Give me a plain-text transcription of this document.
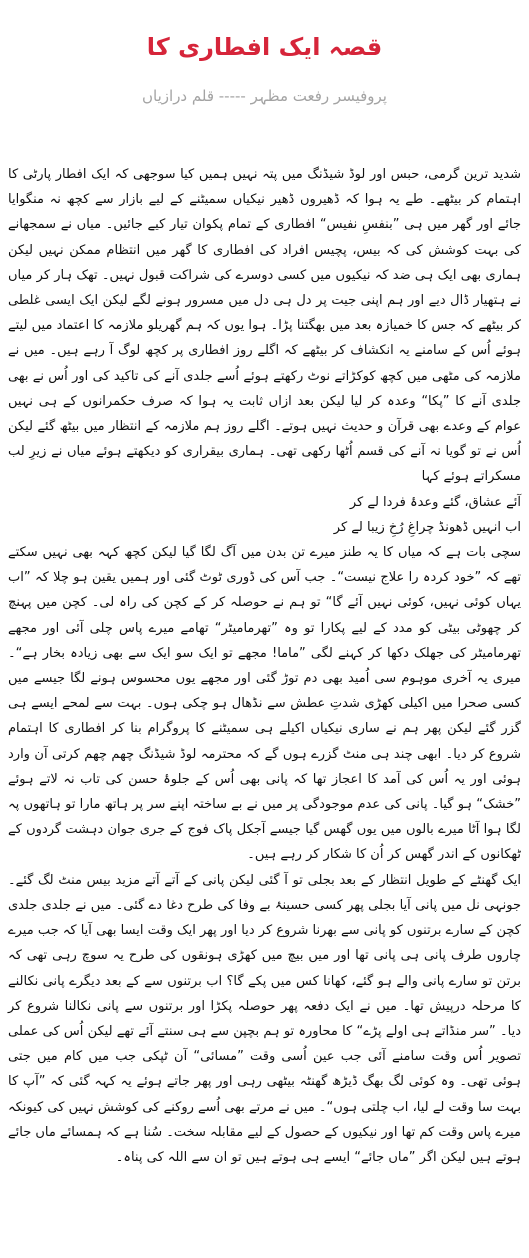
قصہ ایک افطاری کا
پروفیسر رفعت مظہر ----- قلم درازیاں

شدید ترین گرمی، حبس اور لوڈ شیڈنگ میں پتہ نہیں ہمیں کیا سوجھی کہ ایک افطار پارٹی کا اہتمام کر بیٹھے۔ طے یہ ہوا کہ ڈھیروں ڈھیر نیکیاں سمیٹنے کے لیے بازار سے کچھ نہ منگوایا جائے اور گھر میں ہی ”بنفسِ نفیس“ افطاری کے تمام پکوان تیار کیے جائیں۔ میاں نے سمجھانے کی بہت کوشش کی کہ بیس، پچیس افراد کی افطاری کا گھر میں انتظام ممکن نہیں لیکن ہماری بھی ایک ہی ضد کہ نیکیوں میں کسی دوسرے کی شراکت قبول نہیں۔ تھک ہار کر میاں نے ہتھیار ڈال دیے اور ہم اپنی جیت پر دل ہی دل میں مسرور ہونے لگے لیکن ایک ایسی غلطی کر بیٹھے کہ جس کا خمیازہ بعد میں بھگتنا پڑا۔ ہوا یوں کہ ہم گھریلو ملازمہ کا اعتماد میں لیتے ہوئے اُس کے سامنے یہ انکشاف کر بیٹھے کہ اگلے روز افطاری پر کچھ لوگ آ رہے ہیں۔ میں نے ملازمہ کی مٹھی میں کچھ کوکڑاتے نوٹ رکھتے ہوئے اُسے جلدی آنے کی تاکید کی اور اُس نے بھی جلدی آنے کا ”پکا“ وعدہ کر لیا لیکن بعد ازاں ثابت یہ ہوا کہ صرف حکمرانوں کے ہی نہیں عوام کے وعدے بھی قرآن و حدیث نہیں ہوتے۔ اگلے روز ہم ملازمہ کے انتظار میں بیٹھ گئے لیکن اُس نے تو گویا نہ آنے کی قسم اُٹھا رکھی تھی۔ ہماری بیقراری کو دیکھتے ہوئے میاں نے زیرِ لب مسکراتے ہوئے کہا

آئے عشاق، گئے وعدۂ فردا لے کر

اب انہیں ڈھونڈ چراغِ رُخِ زیبا لے کر

سچی بات ہے کہ میاں کا یہ طنز میرے تن بدن میں آگ لگا گیا لیکن کچھ کہہ بھی نہیں سکتے تھے کہ ”خود کردہ را علاج نیست“۔ جب آس کی ڈوری ٹوٹ گئی اور ہمیں یقین ہو چلا کہ ”اب یہاں کوئی نہیں، کوئی نہیں آئے گا“ تو ہم نے حوصلہ کر کے کچن کی راہ لی۔ کچن میں پہنچ کر چھوٹی بیٹی کو مدد کے لیے پکارا تو وہ ”تھرمامیٹر“ تھامے میرے پاس چلی آئی اور مجھے تھرمامیٹر کی جھلک دکھا کر کہنے لگی ”ماما! مجھے تو ایک سو ایک سے بھی زیادہ بخار ہے“۔ میری یہ آخری موہوم سی اُمید بھی دم توڑ گئی اور مجھے یوں محسوس ہونے لگا جیسے میں کسی صحرا میں اکیلی کھڑی شدتِ عطش سے نڈھال ہو چکی ہوں۔ بہت سے لمحے ایسے ہی گزر گئے لیکن پھر ہم نے ساری نیکیاں اکیلے ہی سمیٹنے کا پروگرام بنا کر افطاری کا اہتمام شروع کر دیا۔ ابھی چند ہی منٹ گزرے ہوں گے کہ محترمہ لوڈ شیڈنگ چھم چھم کرتی آن وارد ہوئی اور یہ اُس کی آمد کا اعجاز تھا کہ پانی بھی اُس کے جلوۂ حسن کی تاب نہ لاتے ہوئے ”خشک“ ہو گیا۔ پانی کی عدم موجودگی پر میں نے بے ساختہ اپنے سر پر ہاتھ مارا تو ہاتھوں پہ لگا ہوا آٹا میرے بالوں میں یوں گھس گیا جیسے آجکل پاک فوج کے جری جوان دہشت گردوں کے ٹھکانوں کے اندر گھس کر اُن کا شکار کر رہے ہیں۔

ایک گھنٹے کے طویل انتظار کے بعد بجلی تو آ گئی لیکن پانی کے آتے آتے مزید بیس منٹ لگ گئے۔ جونہی نل میں پانی آیا بجلی پھر کسی حسینۂ بے وفا کی طرح دغا دے گئی۔ میں نے جلدی جلدی کچن کے سارے برتنوں کو پانی سے بھرنا شروع کر دیا اور پھر ایک وقت ایسا بھی آیا کہ جب میرے چاروں طرف پانی ہی پانی تھا اور میں بیچ میں کھڑی ہونقوں کی طرح یہ سوچ رہی تھی کہ برتن تو سارے پانی والے ہو گئے، کھانا کس میں پکے گا؟ اب برتنوں سے کے بعد دیگرے پانی نکالنے کا مرحلہ درپیش تھا۔ میں نے ایک دفعہ پھر حوصلہ پکڑا اور برتنوں سے پانی نکالنا شروع کر دیا۔ ”سر منڈاتے ہی اولے پڑے“ کا محاورہ تو ہم بچپن سے ہی سنتے آئے تھے لیکن اُس کی عملی تصویر اُس وقت سامنے آئی جب عین اُسی وقت ”مسائی“ آن ٹپکی جب میں کام میں جتی ہوئی تھی۔ وہ کوئی لگ بھگ ڈیڑھ گھنٹہ بیٹھی رہی اور پھر جاتے ہوئے یہ کہہ گئی کہ ”آپ کا بہت سا وقت لے لیا، اب چلتی ہوں“۔ میں نے مرتے بھی اُسے روکنے کی کوشش نہیں کی کیونکہ میرے پاس وقت کم تھا اور نیکیوں کے حصول کے لیے مقابلہ سخت۔ سُنا ہے کہ ہمسائے ماں جائے ہوتے ہیں لیکن اگر ”ماں جائے“ ایسے ہی ہوتے ہیں تو ان سے اللہ کی پناہ۔
